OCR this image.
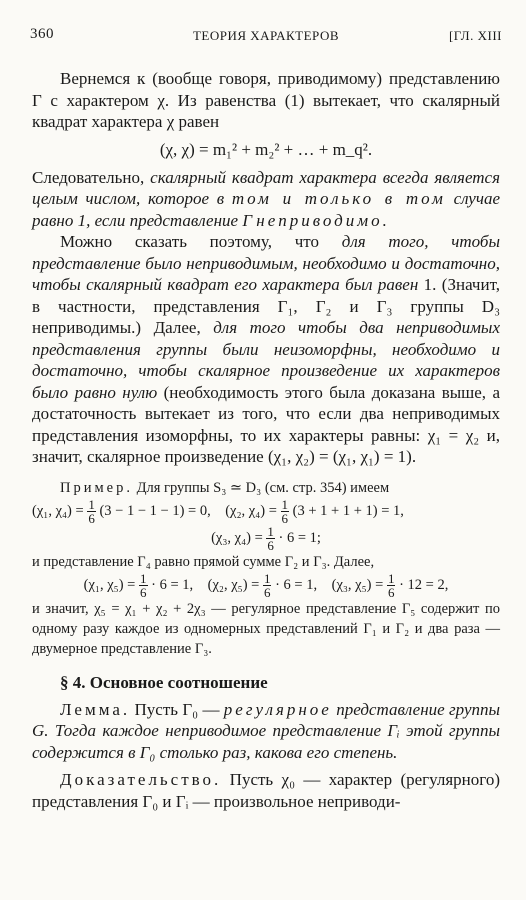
360	ТЕОРИЯ ХАРАКТЕРОВ	[ГЛ. XIII

Вернемся к (вообще говоря, приводимому) представлению Γ с характером χ. Из равенства (1) вытекает, что скалярный квадрат характера χ равен

(χ, χ) = m₁² + m₂² + … + m_q².

Следовательно, скалярный квадрат характера всегда является целым числом, которое в том и только в том случае равно 1, если представление Γ неприводимо.

Можно сказать поэтому, что для того, чтобы представление было неприводимым, необходимо и достаточно, чтобы скалярный квадрат его характера был равен 1. (Значит, в частности, представления Γ₁, Γ₂ и Γ₃ группы D₃ неприводимы.) Далее, для того чтобы два неприводимых представления группы были неизоморфны, необходимо и достаточно, чтобы скалярное произведение их характеров было равно нулю (необходимость этого была доказана выше, а достаточность вытекает из того, что если два неприводимых представления изоморфны, то их характеры равны: χ₁ = χ₂ и, значит, скалярное произведение (χ₁, χ₂) = (χ₁, χ₁) = 1).

Пример. Для группы S₃ ≃ D₃ (см. стр. 354) имеем

(χ₁, $\chi_4) = \frac{1}{6} (3 - 1 - 1 - 1) = 0$, (χ₂, $\chi_4) = \frac{1}{6} (3 + 1 + 1 + 1) = 1$,
(χ₃, $\chi_4) = \frac{1}{6} \cdot 6 = 1$;

и представление Γ₄ равно прямой сумме Γ₂ и Γ₃. Далее,

(χ₁, $\chi_5) = \frac{1}{6} \cdot 6 = 1$, (χ₂, $\chi_5) = \frac{1}{6} \cdot 6 = 1$, (χ₃, $\chi_5) = \frac{1}{6} \cdot 12 = 2$,

и значит, χ₅ = χ₁ + χ₂ + 2χ₃ — регулярное представление Γ₅ содержит по одному разу каждое из одномерных представлений Γ₁ и Γ₂ и два раза — двумерное представление Γ₃.

§ 4. Основное соотношение

Лемма. Пусть Γ₀ — регулярное представление группы G. Тогда каждое неприводимое представление Γᵢ этой группы содержится в Γ₀ столько раз, какова его степень.

Доказательство. Пусть χ₀ — характер (регулярного) представления Γ₀ и Γᵢ — произвольное неприводи-
